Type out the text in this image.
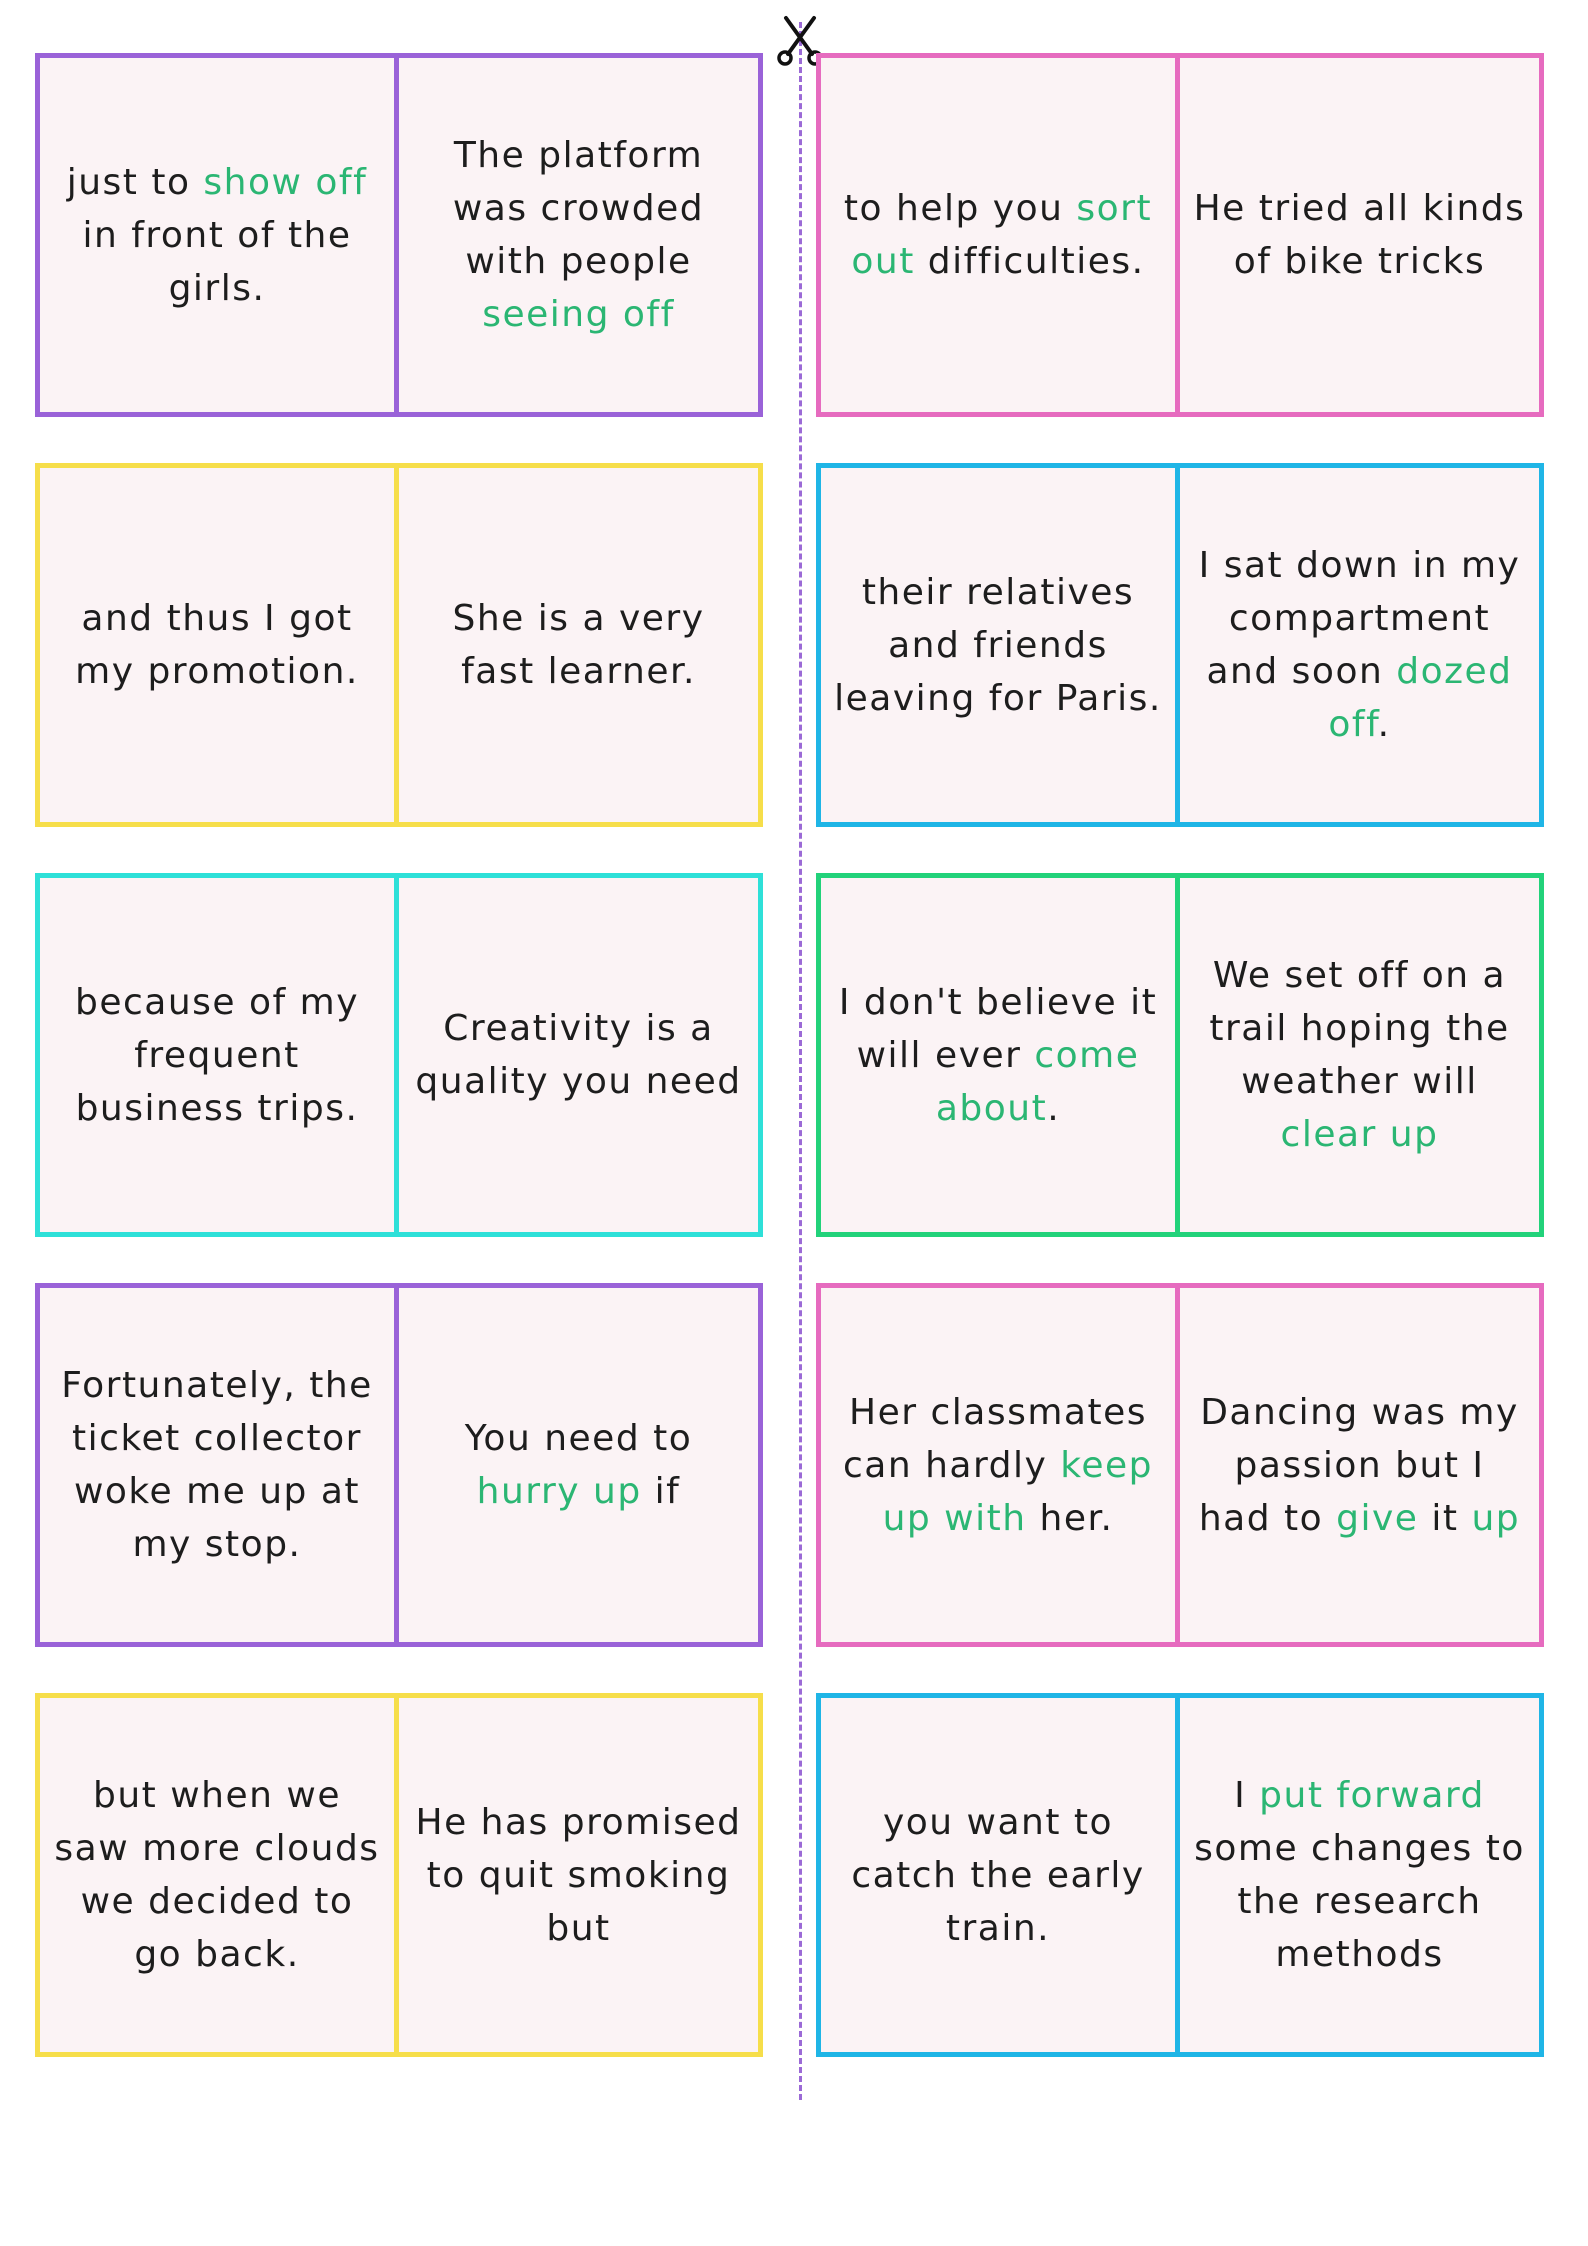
just to show off in front of the girls.

The platform was crowded with people seeing off

and thus I got my promotion.

She is a very fast learner.

because of my frequent business trips.

Creativity is a quality you need

Fortunately, the ticket collector woke me up at my stop.

You need to hurry up if

but when we saw more clouds we decided to go back.

He has promised to quit smoking but

to help you sort out difficulties.

He tried all kinds of bike tricks

their relatives and friends leaving for Paris.

I sat down in my compartment and soon dozed off.

I don't believe it will ever come about.

We set off on a trail hoping the weather will clear up

Her classmates can hardly keep up with her.

Dancing was my passion but I had to give it up

you want to catch the early train.

I put forward some changes to the research methods
